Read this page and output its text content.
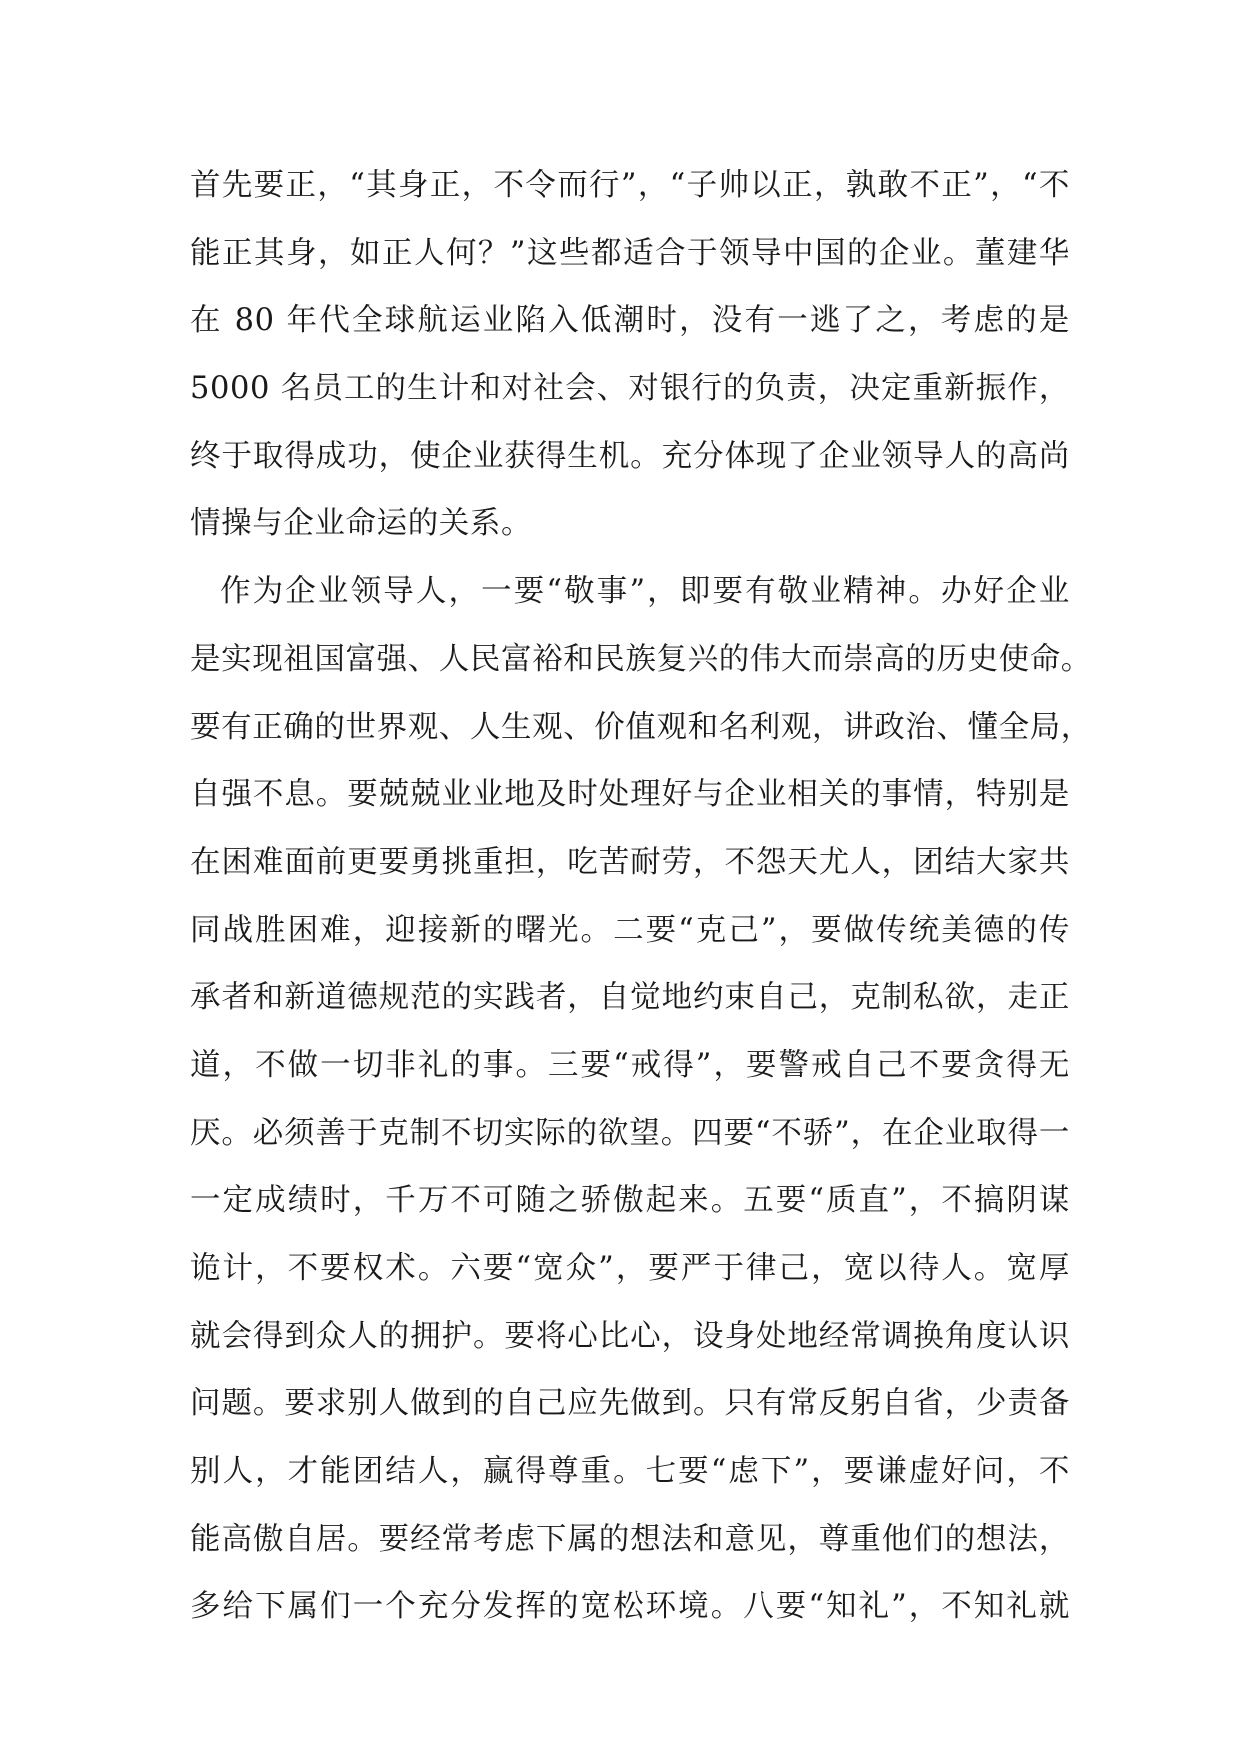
首先要正，“其身正，不令而行”，“子帅以正，孰敢不正”，“不
能正其身，如正人何？”这些都适合于领导中国的企业。董建华
在 80 年代全球航运业陷入低潮时，没有一逃了之，考虑的是
5000 名员工的生计和对社会、对银行的负责，决定重新振作，
终于取得成功，使企业获得生机。充分体现了企业领导人的高尚
情操与企业命运的关系。
作为企业领导人，一要“敬事”，即要有敬业精神。办好企业
是实现祖国富强、人民富裕和民族复兴的伟大而崇高的历史使命。
要有正确的世界观、人生观、价值观和名利观，讲政治、懂全局，
自强不息。要兢兢业业地及时处理好与企业相关的事情，特别是
在困难面前更要勇挑重担，吃苦耐劳，不怨天尤人，团结大家共
同战胜困难，迎接新的曙光。二要“克己”，要做传统美德的传
承者和新道德规范的实践者，自觉地约束自己，克制私欲，走正
道，不做一切非礼的事。三要“戒得”，要警戒自己不要贪得无
厌。必须善于克制不切实际的欲望。四要“不骄”，在企业取得一
一定成绩时，千万不可随之骄傲起来。五要“质直”，不搞阴谋
诡计，不要权术。六要“宽众”，要严于律己，宽以待人。宽厚
就会得到众人的拥护。要将心比心，设身处地经常调换角度认识
问题。要求别人做到的自己应先做到。只有常反躬自省，少责备
别人，才能团结人，赢得尊重。七要“虑下”，要谦虚好问，不
能高傲自居。要经常考虑下属的想法和意见，尊重他们的想法，
多给下属们一个充分发挥的宽松环境。八要“知礼”，不知礼就
